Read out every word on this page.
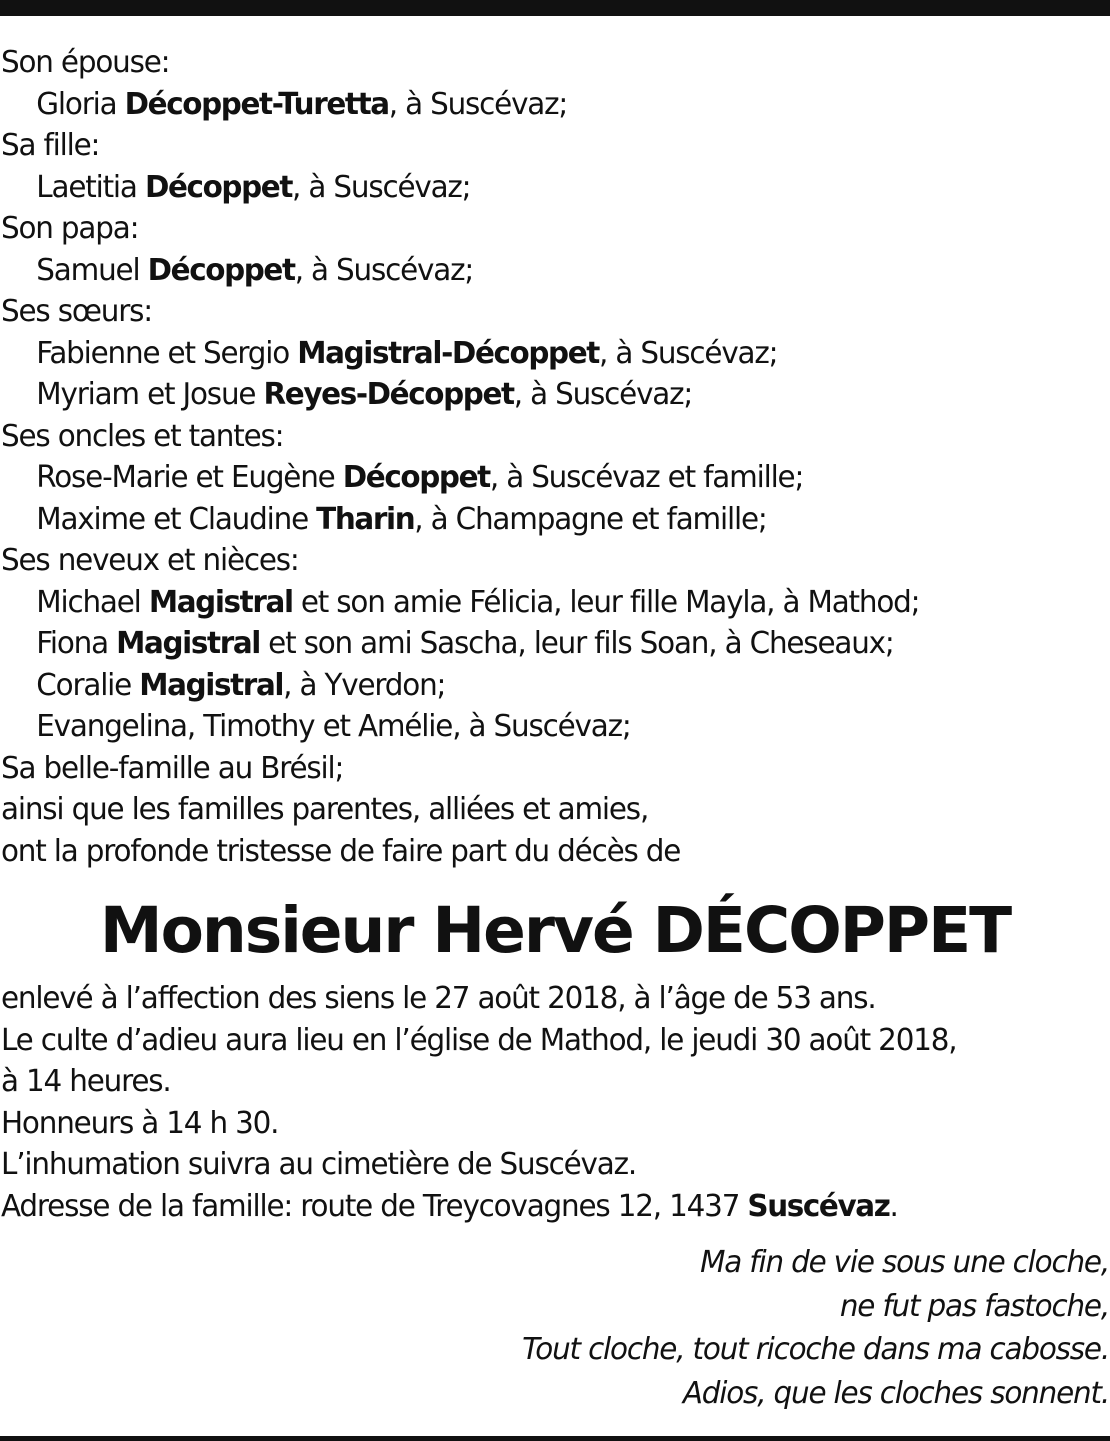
Son épouse:
Gloria Décoppet-Turetta, à Suscévaz;
Sa fille:
Laetitia Décoppet, à Suscévaz;
Son papa:
Samuel Décoppet, à Suscévaz;
Ses sœurs:
Fabienne et Sergio Magistral-Décoppet, à Suscévaz;
Myriam et Josue Reyes-Décoppet, à Suscévaz;
Ses oncles et tantes:
Rose-Marie et Eugène Décoppet, à Suscévaz et famille;
Maxime et Claudine Tharin, à Champagne et famille;
Ses neveux et nièces:
Michael Magistral et son amie Félicia, leur fille Mayla, à Mathod;
Fiona Magistral et son ami Sascha, leur fils Soan, à Cheseaux;
Coralie Magistral, à Yverdon;
Evangelina, Timothy et Amélie, à Suscévaz;
Sa belle-famille au Brésil;
ainsi que les familles parentes, alliées et amies,
ont la profonde tristesse de faire part du décès de
Monsieur Hervé DÉCOPPET
enlevé à l’affection des siens le 27 août 2018, à l’âge de 53 ans.
Le culte d’adieu aura lieu en l’église de Mathod, le jeudi 30 août 2018,
à 14 heures.
Honneurs à 14 h 30.
L’inhumation suivra au cimetière de Suscévaz.
Adresse de la famille: route de Treycovagnes 12, 1437 Suscévaz.
Ma fin de vie sous une cloche,
ne fut pas fastoche,
Tout cloche, tout ricoche dans ma cabosse.
Adios, que les cloches sonnent.
